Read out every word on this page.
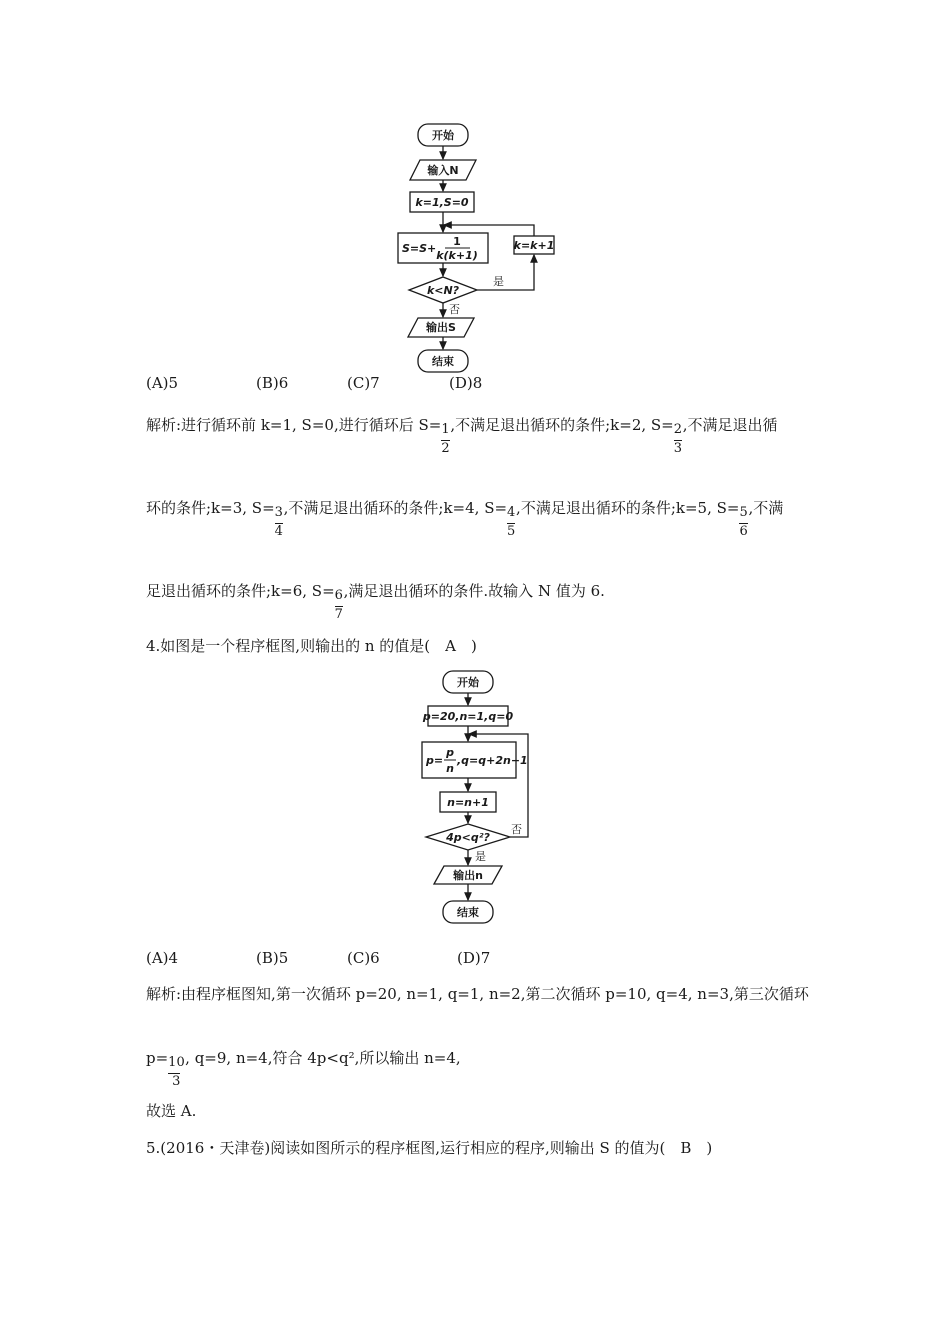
开始
输入N
k=1,S=0
S=S+
1
k(k+1)
k=k+1
k<N?
是
否
输出S
结束
(A)5	(B)6	(C)7	(D)8
解析:进行循环前 k=1, S=0,进行循环后 S=
$\frac{1}{2}$
,不满足退出循环的条件;k=2, S=
$\frac{2}{3}$
,不满足退出循
环的条件;k=3, S=
$\frac{3}{4}$
,不满足退出循环的条件;k=4, S=
$\frac{4}{5}$
,不满足退出循环的条件;k=5, S=
$\frac{5}{6}$
,不满
足退出循环的条件;k=6, S=
$\frac{6}{7}$
,满足退出循环的条件.故输入 N 值为 6.
4.如图是一个程序框图,则输出的 n 的值是(　A　)
开始
p=20,n=1,q=0
p=
p
n
,q=q+2n−1
n=n+1
4p<q²?
否
是
输出n
结束
(A)4	(B)5	(C)6	(D)7
解析:由程序框图知,第一次循环 p=20, n=1, q=1, n=2,第二次循环 p=10, q=4, n=3,第三次循环
p=
$\frac{10}{3}$
, q=9, n=4,符合 4p<q²,所以输出 n=4,
故选 A.
5.(2016・天津卷)阅读如图所示的程序框图,运行相应的程序,则输出 S 的值为(　B　)
